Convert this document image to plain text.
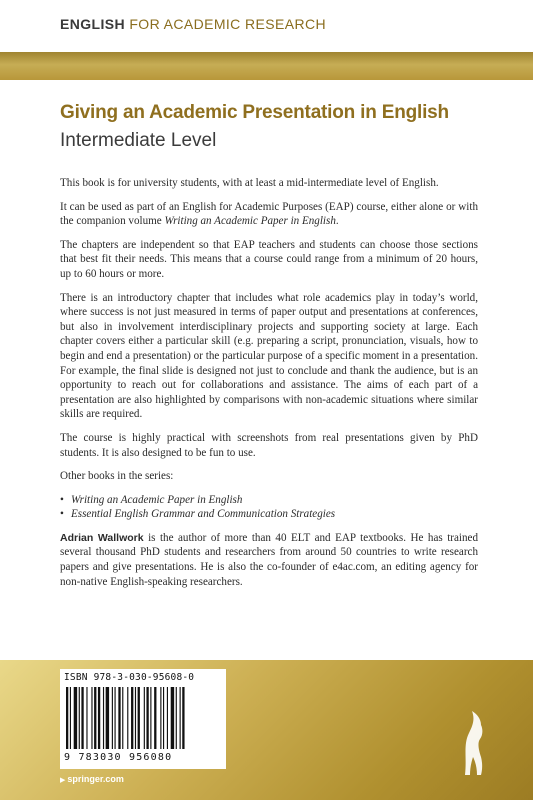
ENGLISH FOR ACADEMIC RESEARCH
Giving an Academic Presentation in English
Intermediate Level

This book is for university students, with at least a mid-intermediate level of English.

It can be used as part of an English for Academic Purposes (EAP) course, either alone or with the companion volume Writing an Academic Paper in English.

The chapters are independent so that EAP teachers and students can choose those sections that best fit their needs. This means that a course could range from a minimum of 20 hours, up to 60 hours or more.

There is an introductory chapter that includes what role academics play in today’s world, where success is not just measured in terms of paper output and presentations at conferences, but also in involvement interdisciplinary projects and supporting society at large. Each chapter covers either a particular skill (e.g. preparing a script, pronunciation, visuals, how to begin and end a presentation) or the particular purpose of a specific moment in a presentation. For example, the final slide is designed not just to conclude and thank the audience, but is an opportunity to reach out for collaborations and assistance. The aims of each part of a presentation are also highlighted by comparisons with non-academic situations where similar skills are required.

The course is highly practical with screenshots from real presentations given by PhD students. It is also designed to be fun to use.

Other books in the series:

• Writing an Academic Paper in English
• Essential English Grammar and Communication Strategies

Adrian Wallwork is the author of more than 40 ELT and EAP textbooks. He has trained several thousand PhD students and researchers from around 50 countries to write research papers and give presentations. He is also the co-founder of e4ac.com, an editing agency for non-native English-speaking researchers.

ISBN 978-3-030-95608-0
9 783030 956080
▶ springer.com
